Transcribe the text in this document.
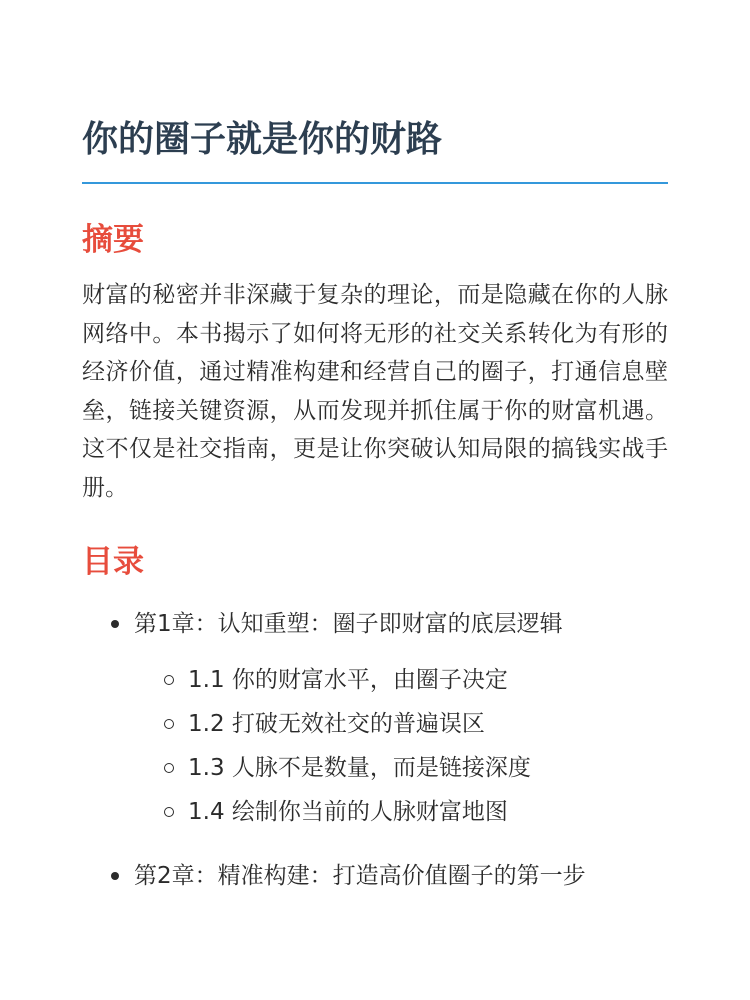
你的圈子就是你的财路
摘要

财富的秘密并非深藏于复杂的理论，而是隐藏在你的人脉网络中。本书揭示了如何将无形的社交关系转化为有形的经济价值，通过精准构建和经营自己的圈子，打通信息壁垒，链接关键资源，从而发现并抓住属于你的财富机遇。这不仅是社交指南，更是让你突破认知局限的搞钱实战手册。

目录
第1章：认知重塑：圈子即财富的底层逻辑
1.1 你的财富水平，由圈子决定
1.2 打破无效社交的普遍误区
1.3 人脉不是数量，而是链接深度
1.4 绘制你当前的人脉财富地图
第2章：精准构建：打造高价值圈子的第一步
